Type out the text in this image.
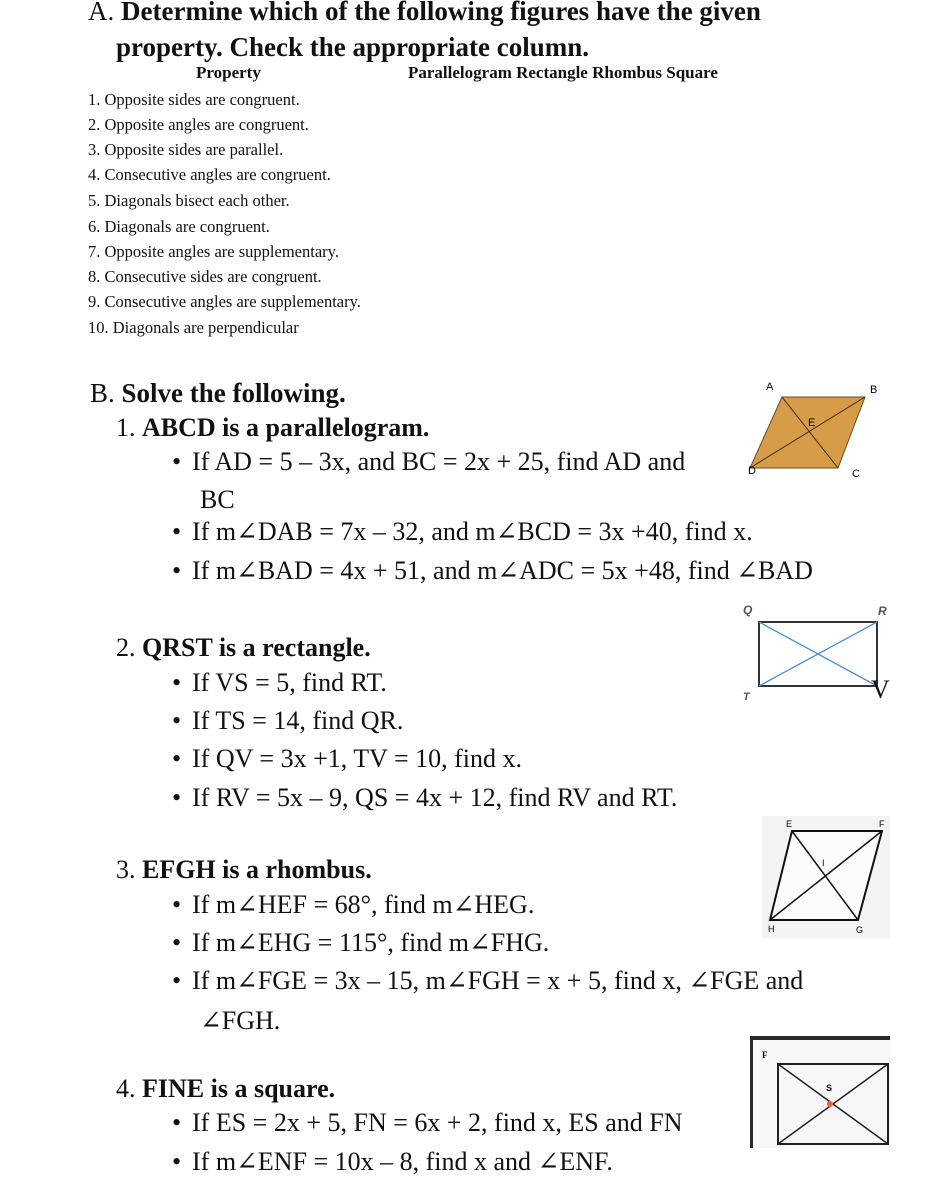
A. Determine which of the following figures have the given
property. Check the appropriate column.
Property	Parallelogram Rectangle Rhombus Square
1. Opposite sides are congruent.
2. Opposite angles are congruent.
3. Opposite sides are parallel.
4. Consecutive angles are congruent.
5. Diagonals bisect each other.
6. Diagonals are congruent.
7. Opposite angles are supplementary.
8. Consecutive sides are congruent.
9. Consecutive angles are supplementary.
10. Diagonals are perpendicular
B. Solve the following.
1. ABCD is a parallelogram.
• If AD = 5 – 3x, and BC = 2x + 25, find AD and
BC
• If m∠DAB = 7x – 32, and m∠BCD = 3x +40, find x.
• If m∠BAD = 4x + 51, and m∠ADC = 5x +48, find ∠BAD
A	B
E
D	C
2. QRST is a rectangle.
• If VS = 5, find RT.
• If TS = 14, find QR.
• If QV = 3x +1, TV = 10, find x.
• If RV = 5x – 9, QS = 4x + 12, find RV and RT.
Q	R
T	V
3. EFGH is a rhombus.
• If m∠HEF = 68°, find m∠HEG.
• If m∠EHG = 115°, find m∠FHG.
• If m∠FGE = 3x – 15, m∠FGH = x + 5, find x, ∠FGE and
∠FGH.
E	F
I
H	G
4. FINE is a square.
• If ES = 2x + 5, FN = 6x + 2, find x, ES and FN
• If m∠ENF = 10x – 8, find x and ∠ENF.
F
S
